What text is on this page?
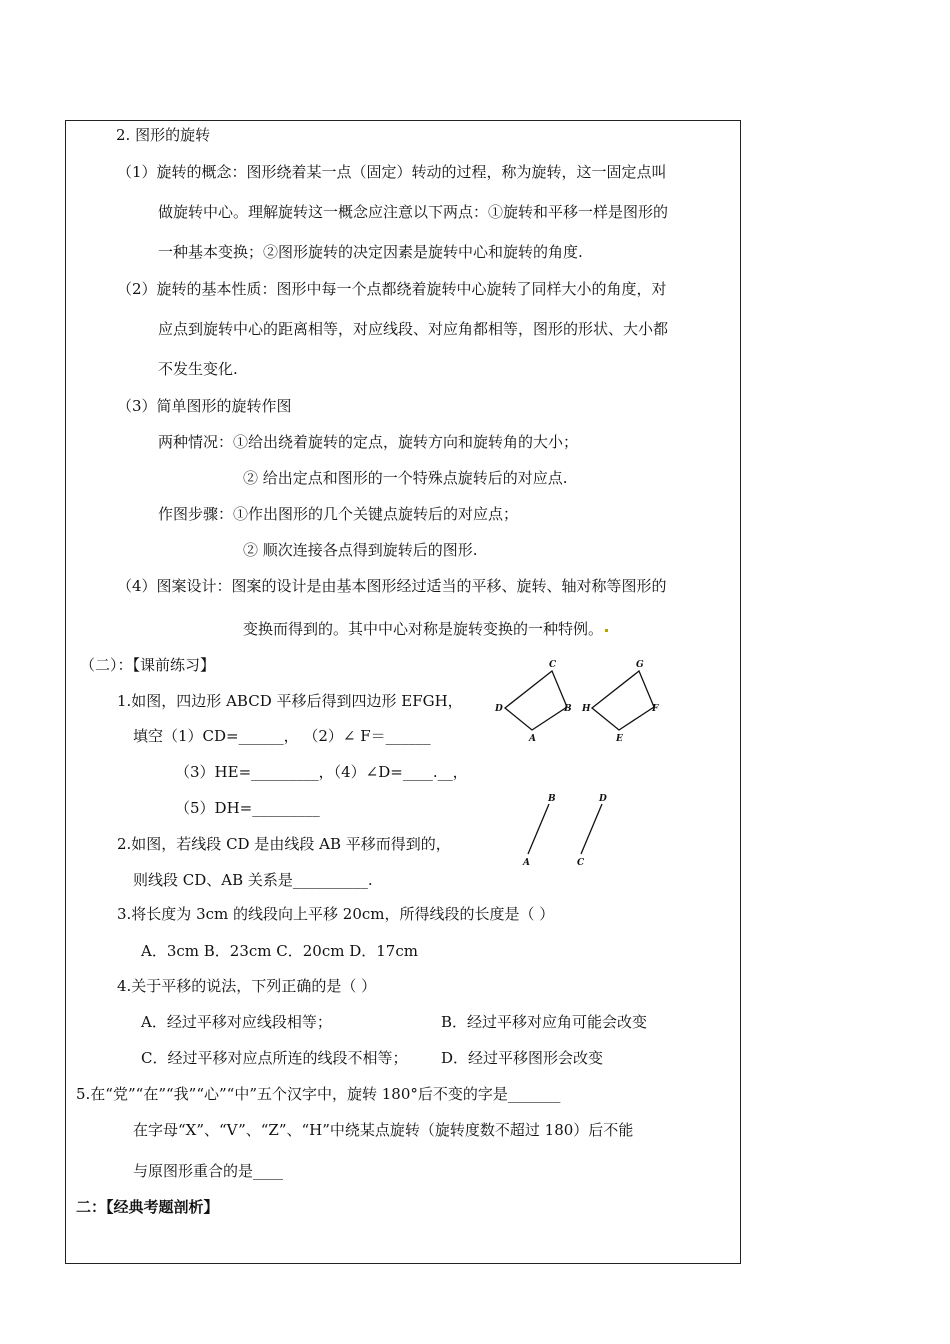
2. 图形的旋转
（1）旋转的概念：图形绕着某一点（固定）转动的过程，称为旋转，这一固定点叫
做旋转中心。理解旋转这一概念应注意以下两点：①旋转和平移一样是图形的
一种基本变换；②图形旋转的决定因素是旋转中心和旋转的角度.
（2）旋转的基本性质：图形中每一个点都绕着旋转中心旋转了同样大小的角度，对
应点到旋转中心的距离相等，对应线段、对应角都相等，图形的形状、大小都
不发生变化.
（3）简单图形的旋转作图
两种情况：①给出绕着旋转的定点，旋转方向和旋转角的大小；
② 给出定点和图形的一个特殊点旋转后的对应点.
作图步骤：①作出图形的几个关键点旋转后的对应点；
② 顺次连接各点得到旋转后的图形.
（4）图案设计：图案的设计是由基本图形经过适当的平移、旋转、轴对称等图形的
变换而得到的。其中中心对称是旋转变换的一种特例。
（二）：【课前练习】
1.如图，四边形 ABCD 平移后得到四边形 EFGH，
填空（1）CD=______， （2）∠ F＝______
（3）HE=_________，（4）∠D=____.__，
（5）DH=_________
2.如图，若线段 CD 是由线段 AB 平移而得到的，
则线段 CD、AB 关系是__________.
3.将长度为 3cm 的线段向上平移 20cm，所得线段的长度是（ ）
A．3cm B．23cm C．20cm D．17cm
4.关于平移的说法，下列正确的是（ ）
A．经过平移对应线段相等；	B．经过平移对应角可能会改变
C．经过平移对应点所连的线段不相等； D．经过平移图形会改变
5.在“党”“在”“我”“心”“中”五个汉字中，旋转 180°后不变的字是_______
在字母“X”、“V”、“Z”、“H”中绕某点旋转（旋转度数不超过 180）后不能
与原图形重合的是____
二：【经典考题剖析】
C
D	B
A
G
H	F
E
B	D
A	C
